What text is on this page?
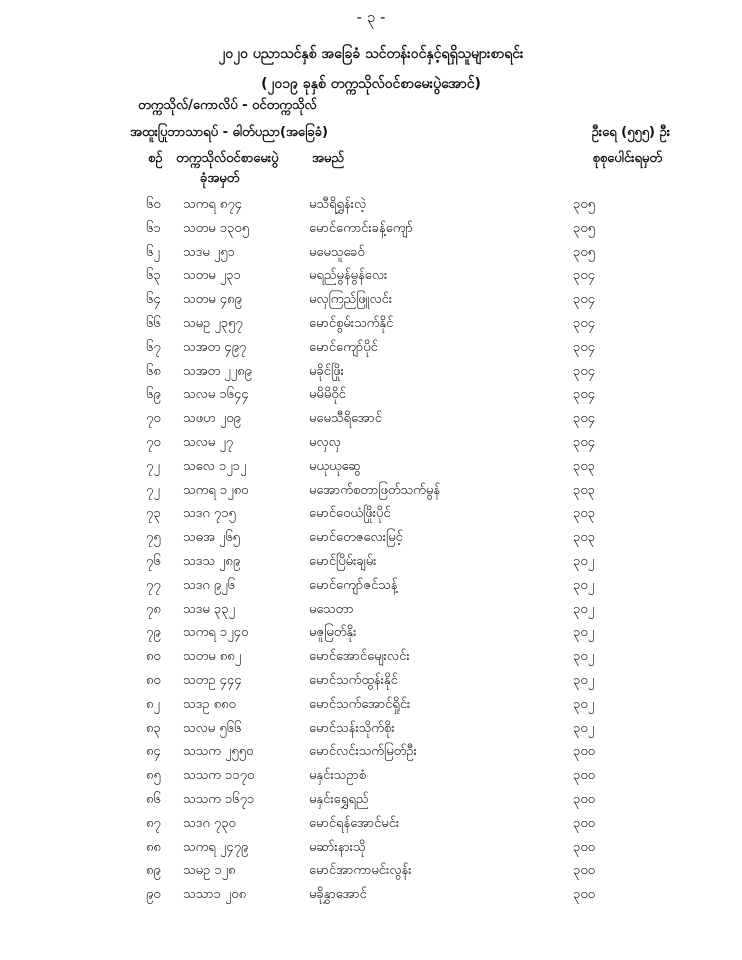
- ၃ -
၂၀၂၀ ပညာသင်နှစ် အခြေခံ သင်တန်းဝင်နှင့်ရရှိသူများစာရင်း
(၂၀၁၉ ခုနှစ် တက္ကသိုလ်ဝင်စာမေးပွဲအောင်)
တက္ကသိုလ်/ကောလိပ် - ဝင်တက္ကသိုလ်
အထူးပြုဘာသာရပ် - ဓါတ်ပညာ(အခြေခံ)	ဦးရေ (၅၅၅) ဦး
စဉ် တက္ကသိုလ်ဝင်စာမေးပွဲ
ခုံအမှတ်
အမည်	စုစုပေါင်းရမှတ်
၆၀ သကရ ၈၇၄	မသီရိရွှန်းလဲ့	၃၀၅
၆၁ သတမ ၁၃၀၅	မောင်ကောင်းခန့်ကျော်	၃၀၅
၆၂ သဒမ ၂၅၁	မမေသူခေဝ်	၃၀၅
၆၃ သတမ ၂၃၁	မရည်မွန်မွန်လေး	၃၀၄
၆၄ သတမ ၄၈၉	မလှကြည်ဖြူလင်း	၃၀၄
၆၆ သမဥ ၂၃၅၇	မောင်စွမ်းသက်နိုင်	၃၀၄
၆၇ သအတ ၄၉၇	မောင်ကျော်ပိုင်	၃၀၄
၆၈ သအတ ၂၂၈၉	မခိုင်ဖြိုး	၃၀၄
၆၉ သလမ ၁၆၄၄	မမိမိဝိုင်	၃၀၄
၇၀ သဖဟ ၂၀၉	မမေသီရိအောင်	၃၀၄
၇၀ သလမ ၂၇	မလှလှ	၃၀၄
၇၂ သလေ ၁၂၁၂	မယုယုဆွေ	၃၀၃
၇၂ သကရ ၁၂၈၀	မအောက်စတာဖြတ်သက်မွန်	၃၀၃
၇၃ သဒဂ ၇၁၅	မောင်ဝေယံဖြိုးပိုင်	၃၀၃
၇၅ သဓအ ၂၆၅	မောင်တေဇလေးမြင့်	၃၀၃
၇၆ သဒသ ၂၈၉	မောင်ပြိမ်းချမ်း	၃၀၂
၇၇ သဒဂ ၉၂၆	မောင်ကျော်ဇင်သန့်	၃၀၂
၇၈ သဒမ ၃၃၂	မသေတာ	၃၀၂
၇၉ သကရ ၁၂၄၀	မဇူမြတ်နိုး	၃၀၂
၈၀ သတမ ၈၈၂	မောင်အောင်မျေးလင်း	၃၀၂
၈၀ သတဥ ၄၄၄	မောင်သက်ထွန်းနိုင်	၃၀၂
၈၂ သဒဥ ၈၈၀	မောင်သက်အောင်ရှိုင်း	၃၀၂
၈၃ သလမ ၅၆၆	မောင်သန်းသိုက်စိုး	၃၀၂
၈၄ သသက ၂၅၅၀	မောင်လင်းသက်မြတ်ဦး	၃၀၀
၈၅ သသက ၁၁၇၀	မနှင်းသဥာစံ	၃၀၀
၈၆ သသက ၁၆၇၁	မနှင်းရွှေရည်	၃၀၀
၈၇ သဒဂ ၇၃၀	မောင်ရန်အောင်မင်း	၃၀၀
၈၈ သကရ ၂၄၇၉	မဆာ်းနားသို	၃၀၀
၈၉ သမဥ ၁၂၈	မောင်အာကာမင်းလွန်း	၃၀၀
၉၀ သသာ၁ ၂၀၈	မခိုနွှာအောင်	၃၀၀
